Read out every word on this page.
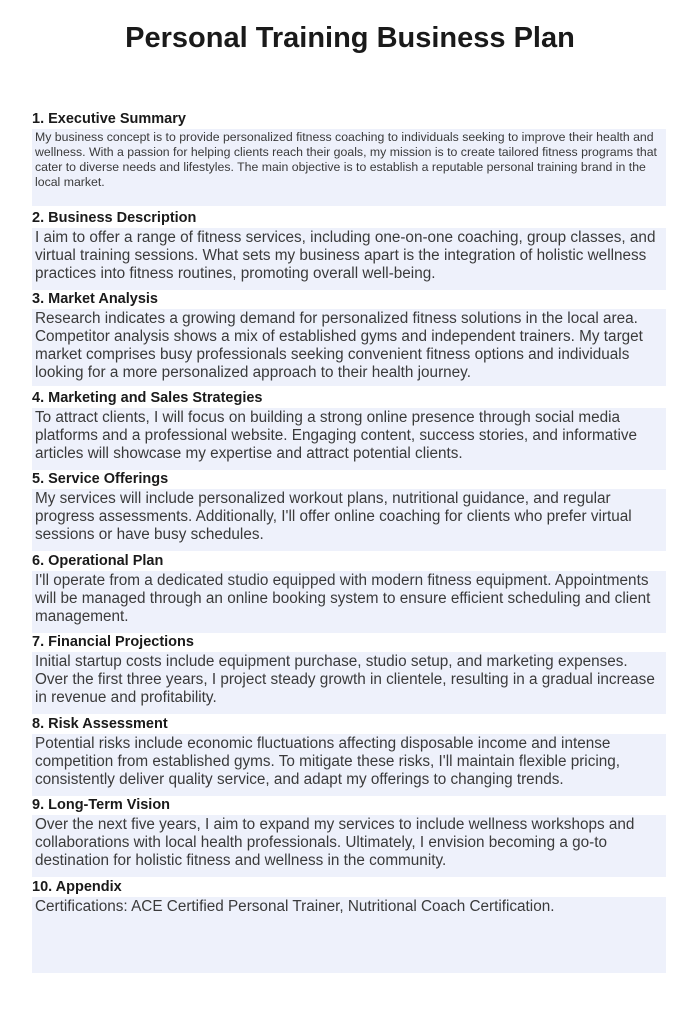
Personal Training Business Plan
1. Executive Summary

My business concept is to provide personalized fitness coaching to individuals seeking to improve their health and wellness. With a passion for helping clients reach their goals, my mission is to create tailored fitness programs that cater to diverse needs and lifestyles. The main objective is to establish a reputable personal training brand in the local market.

2. Business Description

I aim to offer a range of fitness services, including one-on-one coaching, group classes, and virtual training sessions. What sets my business apart is the integration of holistic wellness practices into fitness routines, promoting overall well-being.

3. Market Analysis

Research indicates a growing demand for personalized fitness solutions in the local area. Competitor analysis shows a mix of established gyms and independent trainers. My target market comprises busy professionals seeking convenient fitness options and individuals looking for a more personalized approach to their health journey.

4. Marketing and Sales Strategies

To attract clients, I will focus on building a strong online presence through social media platforms and a professional website. Engaging content, success stories, and informative articles will showcase my expertise and attract potential clients.

5. Service Offerings

My services will include personalized workout plans, nutritional guidance, and regular progress assessments. Additionally, I'll offer online coaching for clients who prefer virtual sessions or have busy schedules.

6. Operational Plan

I'll operate from a dedicated studio equipped with modern fitness equipment. Appointments will be managed through an online booking system to ensure efficient scheduling and client management.

7. Financial Projections

Initial startup costs include equipment purchase, studio setup, and marketing expenses. Over the first three years, I project steady growth in clientele, resulting in a gradual increase in revenue and profitability.

8. Risk Assessment

Potential risks include economic fluctuations affecting disposable income and intense competition from established gyms. To mitigate these risks, I'll maintain flexible pricing, consistently deliver quality service, and adapt my offerings to changing trends.

9. Long-Term Vision

Over the next five years, I aim to expand my services to include wellness workshops and collaborations with local health professionals. Ultimately, I envision becoming a go-to destination for holistic fitness and wellness in the community.

10. Appendix

Certifications: ACE Certified Personal Trainer, Nutritional Coach Certification.
